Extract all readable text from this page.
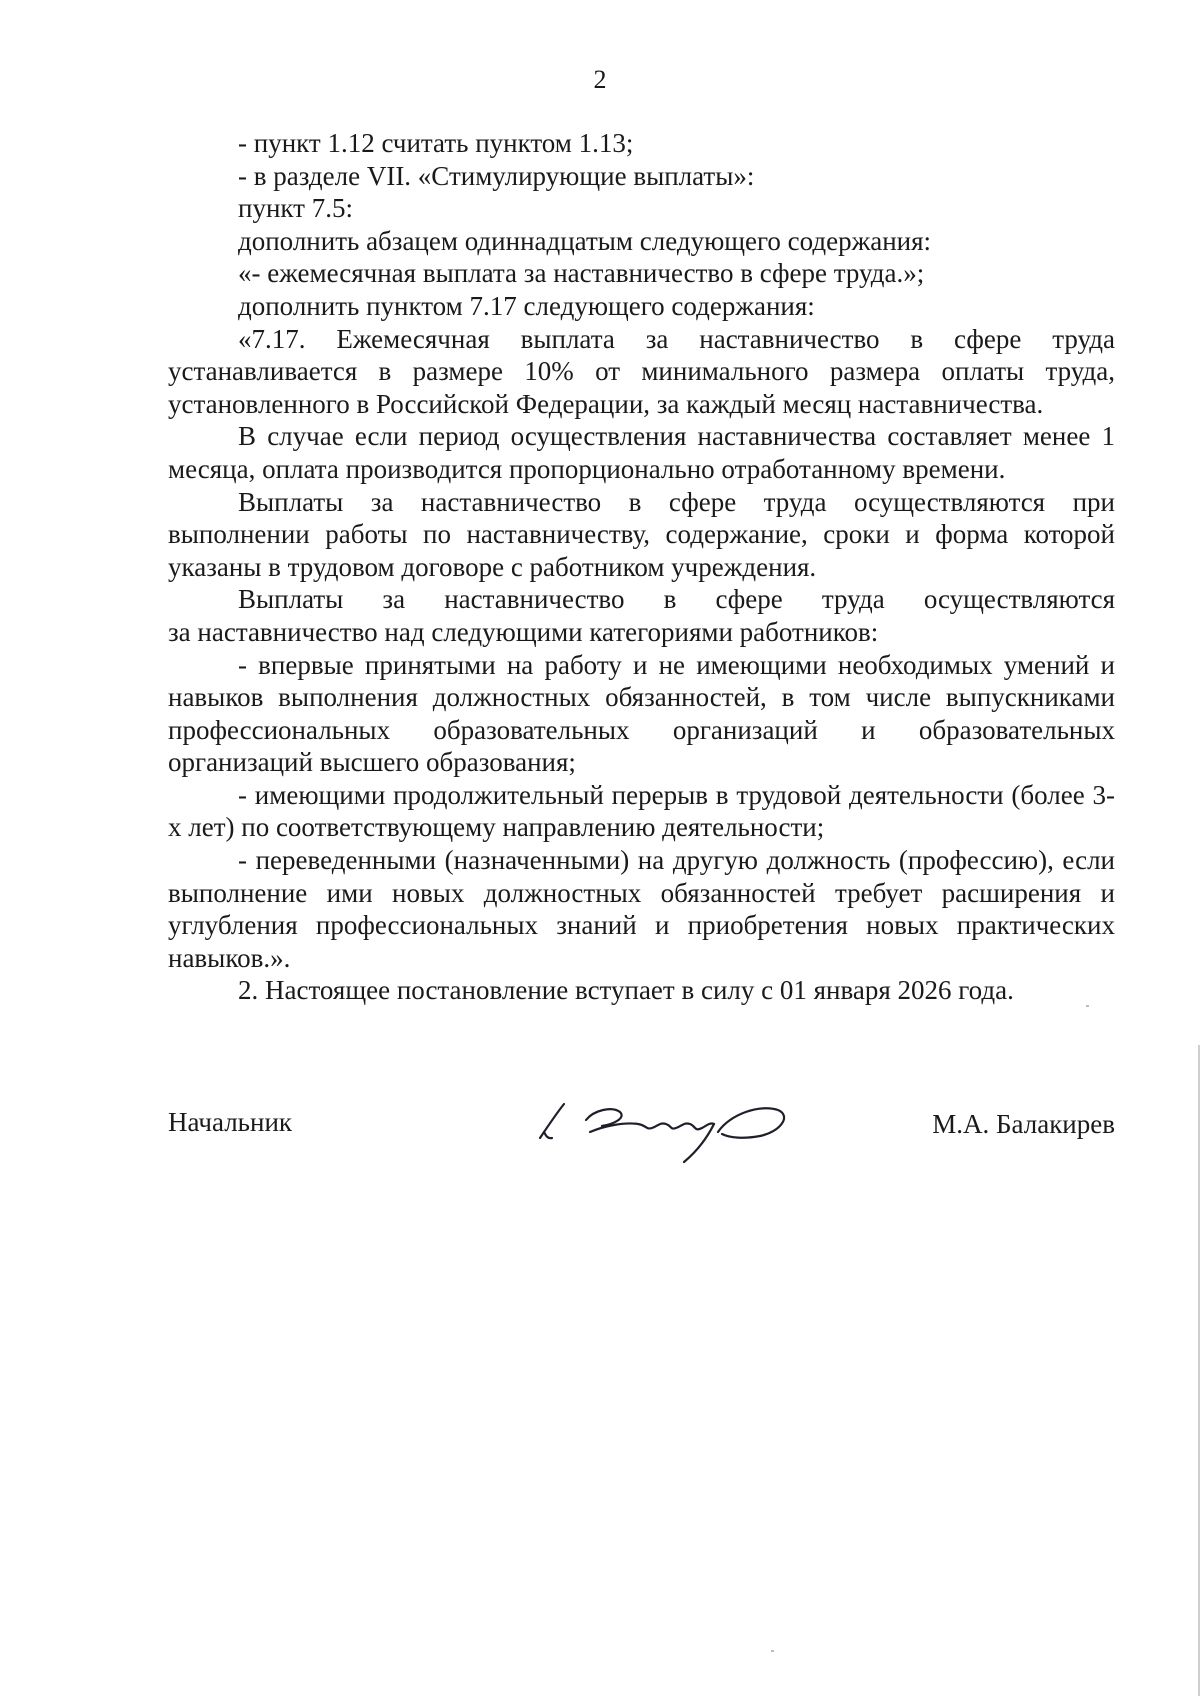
2

- пункт 1.12 считать пунктом 1.13;

- в разделе VII. «Стимулирующие выплаты»:

пункт 7.5:

дополнить абзацем одиннадцатым следующего содержания:

«- ежемесячная выплата за наставничество в сфере труда.»;

дополнить пунктом 7.17 следующего содержания:

«7.17. Ежемесячная выплата за наставничество в сфере труда устанавливается в размере 10% от минимального размера оплаты труда, установленного в Российской Федерации, за каждый месяц наставничества.

В случае если период осуществления наставничества составляет менее 1 месяца, оплата производится пропорционально отработанному времени.

Выплаты за наставничество в сфере труда осуществляются при выполнении работы по наставничеству, содержание, сроки и форма которой указаны в трудовом договоре с работником учреждения.

Выплаты за наставничество в сфере труда осуществляются

за наставничество над следующими категориями работников:

- впервые принятыми на работу и не имеющими необходимых умений и навыков выполнения должностных обязанностей, в том числе выпускниками профессиональных образовательных организаций и образовательных организаций высшего образования;

- имеющими продолжительный перерыв в трудовой деятельности (более 3-х лет) по соответствующему направлению деятельности;

- переведенными (назначенными) на другую должность (профессию), если выполнение ими новых должностных обязанностей требует расширения и углубления профессиональных знаний и приобретения новых практических навыков.».

2. Настоящее постановление вступает в силу с 01 января 2026 года.

Начальник	М.А. Балакирев
